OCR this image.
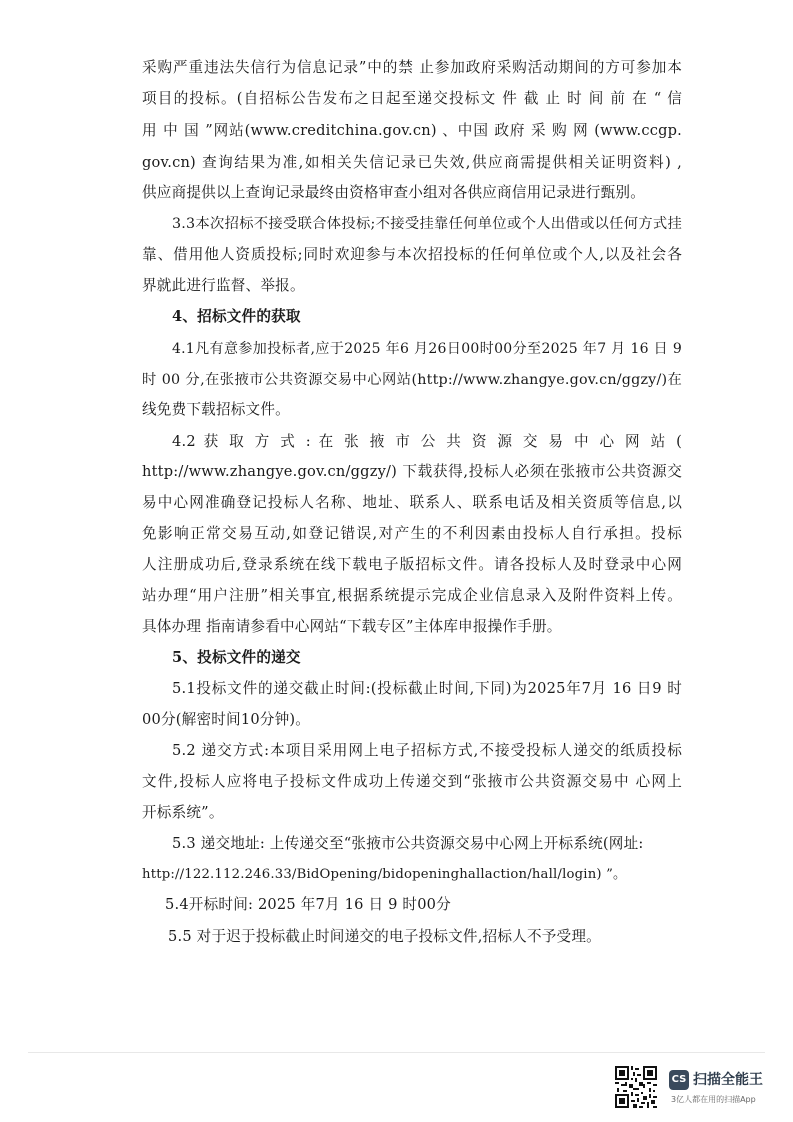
采购严重违法失信行为信息记录”中的禁 止参加政府采购活动期间的方可参加本
项目的投标。(自招标公告发布之日起至递交投标文 件 截 止 时 间 前 在 “ 信
用 中 国 ”网站(www.creditchina.gov.cn) 、中国 政府 采 购 网 (www.ccgp.
gov.cn) 查询结果为准,如相关失信记录已失效,供应商需提供相关证明资料) ,
供应商提供以上查询记录最终由资格审查小组对各供应商信用记录进行甄别。
3.3本次招标不接受联合体投标;不接受挂靠任何单位或个人出借或以任何方式挂
靠、借用他人资质投标;同时欢迎参与本次招投标的任何单位或个人,以及社会各
界就此进行监督、举报。
4、招标文件的获取
4.1凡有意参加投标者,应于2025 年6 月26日00时00分至2025 年7 月 16 日 9
时 00 分,在张掖市公共资源交易中心网站(http://www.zhangye.gov.cn/ggzy/)在
线免费下载招标文件。
4.2 获 取 方 式 : 在 张 掖 市 公 共 资 源 交 易 中 心 网 站 (
http://www.zhangye.gov.cn/ggzy/) 下载获得,投标人必须在张掖市公共资源交
易中心网准确登记投标人名称、地址、联系人、联系电话及相关资质等信息,以
免影响正常交易互动,如登记错误,对产生的不利因素由投标人自行承担。投标
人注册成功后,登录系统在线下载电子版招标文件。请各投标人及时登录中心网
站办理“用户注册”相关事宜,根据系统提示完成企业信息录入及附件资料上传。
具体办理 指南请参看中心网站“下载专区”主体库申报操作手册。
5、投标文件的递交
5.1投标文件的递交截止时间:(投标截止时间,下同)为2025年7月 16 日9 时
00分(解密时间10分钟)。
5.2 递交方式:本项目采用网上电子招标方式,不接受投标人递交的纸质投标
文件,投标人应将电子投标文件成功上传递交到“张掖市公共资源交易中 心网上
开标系统”。
5.3 递交地址: 上传递交至“张掖市公共资源交易中心网上开标系统(网址:
http://122.112.246.33/BidOpening/bidopeninghallaction/hall/login) ”。
5.4开标时间: 2025 年7月 16 日 9 时00分
5.5 对于迟于投标截止时间递交的电子投标文件,招标人不予受理。
CS 扫描全能王
3亿人都在用的扫描App
